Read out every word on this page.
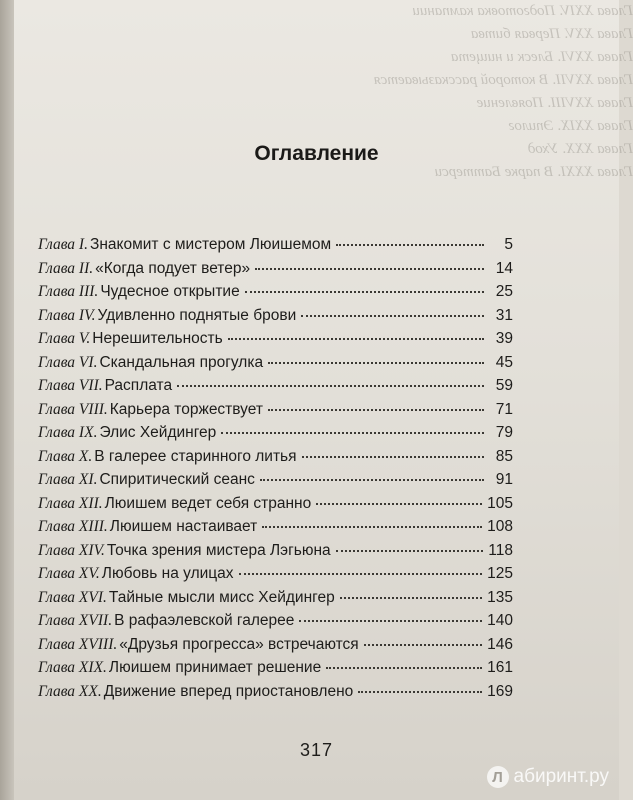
Глава XXIV. Подготовка кампании
Глава XXV. Первая битва
Глава XXVI. Блеск и нищета
Глава XXVII. В которой рассказывается
Глава XXVIII. Появление
Глава XXIX. Эпилог
Глава XXX. Уход
Глава XXXI. В парке Баттерси
Оглавление
Глава I. Знакомит с мистером Люишемом	5
Глава II. «Когда подует ветер»	14
Глава III. Чудесное открытие	25
Глава IV. Удивленно поднятые брови	31
Глава V. Нерешительность	39
Глава VI. Скандальная прогулка	45
Глава VII. Расплата	59
Глава VIII. Карьера торжествует	71
Глава IX. Элис Хейдингер	79
Глава X. В галерее старинного литья	85
Глава XI. Спиритический сеанс	91
Глава XII. Люишем ведет себя странно	105
Глава XIII. Люишем настаивает	108
Глава XIV. Точка зрения мистера Лэгьюна	118
Глава XV. Любовь на улицах	125
Глава XVI. Тайные мысли мисс Хейдингер	135
Глава XVII. В рафаэлевской галерее	140
Глава XVIII. «Друзья прогресса» встречаются	146
Глава XIX. Люишем принимает решение	161
Глава XX. Движение вперед приостановлено	169
317
Л абиринт.ру
